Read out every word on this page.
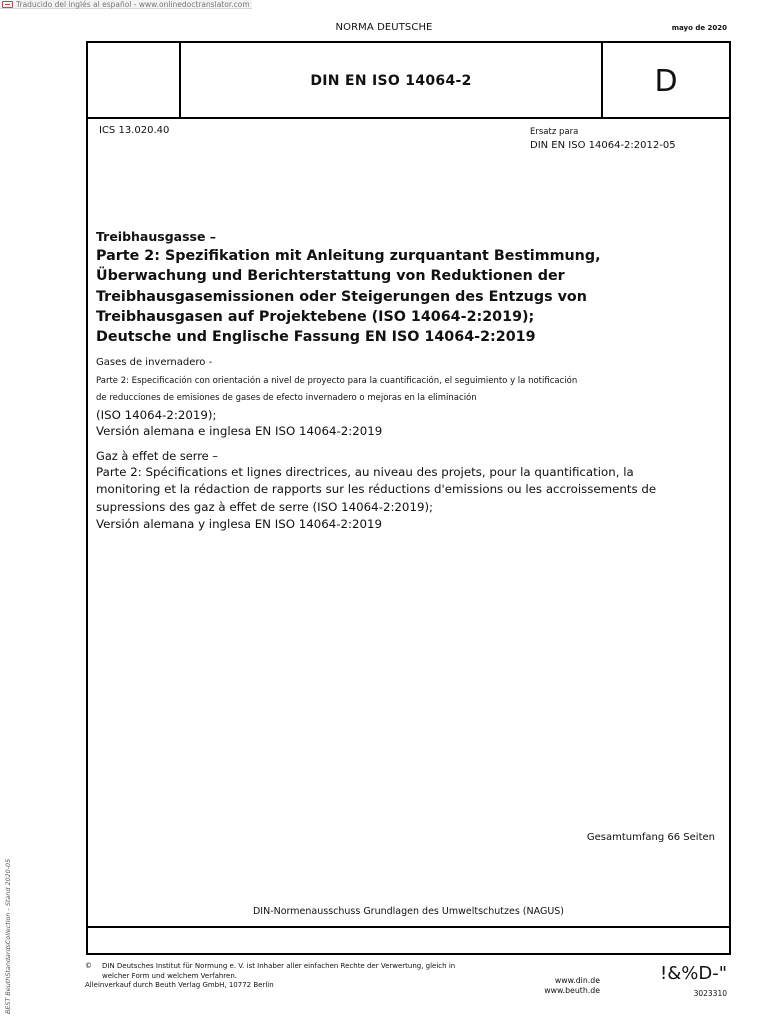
Traducido del inglés al español - www.onlinedoctranslator.com
NORMA DEUTSCHE	mayo de 2020
DIN EN ISO 14064-2	D
ICS 13.020.40	Ersatz para
DIN EN ISO 14064-2:2012-05
Treibhausgasse –
Parte 2: Spezifikation mit Anleitung zurquantant Bestimmung,
Überwachung und Berichterstattung von Reduktionen der
Treibhausgasemissionen oder Steigerungen des Entzugs von
Treibhausgasen auf Projektebene (ISO 14064-2:2019);
Deutsche und Englische Fassung EN ISO 14064-2:2019
Gases de invernadero -
Parte 2: Especificación con orientación a nivel de proyecto para la cuantificación, el seguimiento y la notificación
de reducciones de emisiones de gases de efecto invernadero o mejoras en la eliminación
(ISO 14064-2:2019);
Versión alemana e inglesa EN ISO 14064-2:2019
Gaz à effet de serre –
Parte 2: Spécifications et lignes directrices, au niveau des projets, pour la quantification, la
monitoring et la rédaction de rapports sur les réductions d'emissions ou les accroissements de
supressions des gaz à effet de serre (ISO 14064-2:2019);
Versión alemana y inglesa EN ISO 14064-2:2019
Gesamtumfang 66 Seiten
DIN-Normenausschuss Grundlagen des Umweltschutzes (NAGUS)
©	DIN Deutsches Institut für Normung e. V. ist Inhaber aller einfachen Rechte der Verwertung, gleich in
welcher Form und welchem Verfahren.
Alleinverkauf durch Beuth Verlag GmbH, 10772 Berlin
www.din.de
www.beuth.de
!&%D-"
3023310
BEST BeuthStandardsCollection - Stand 2020-05
